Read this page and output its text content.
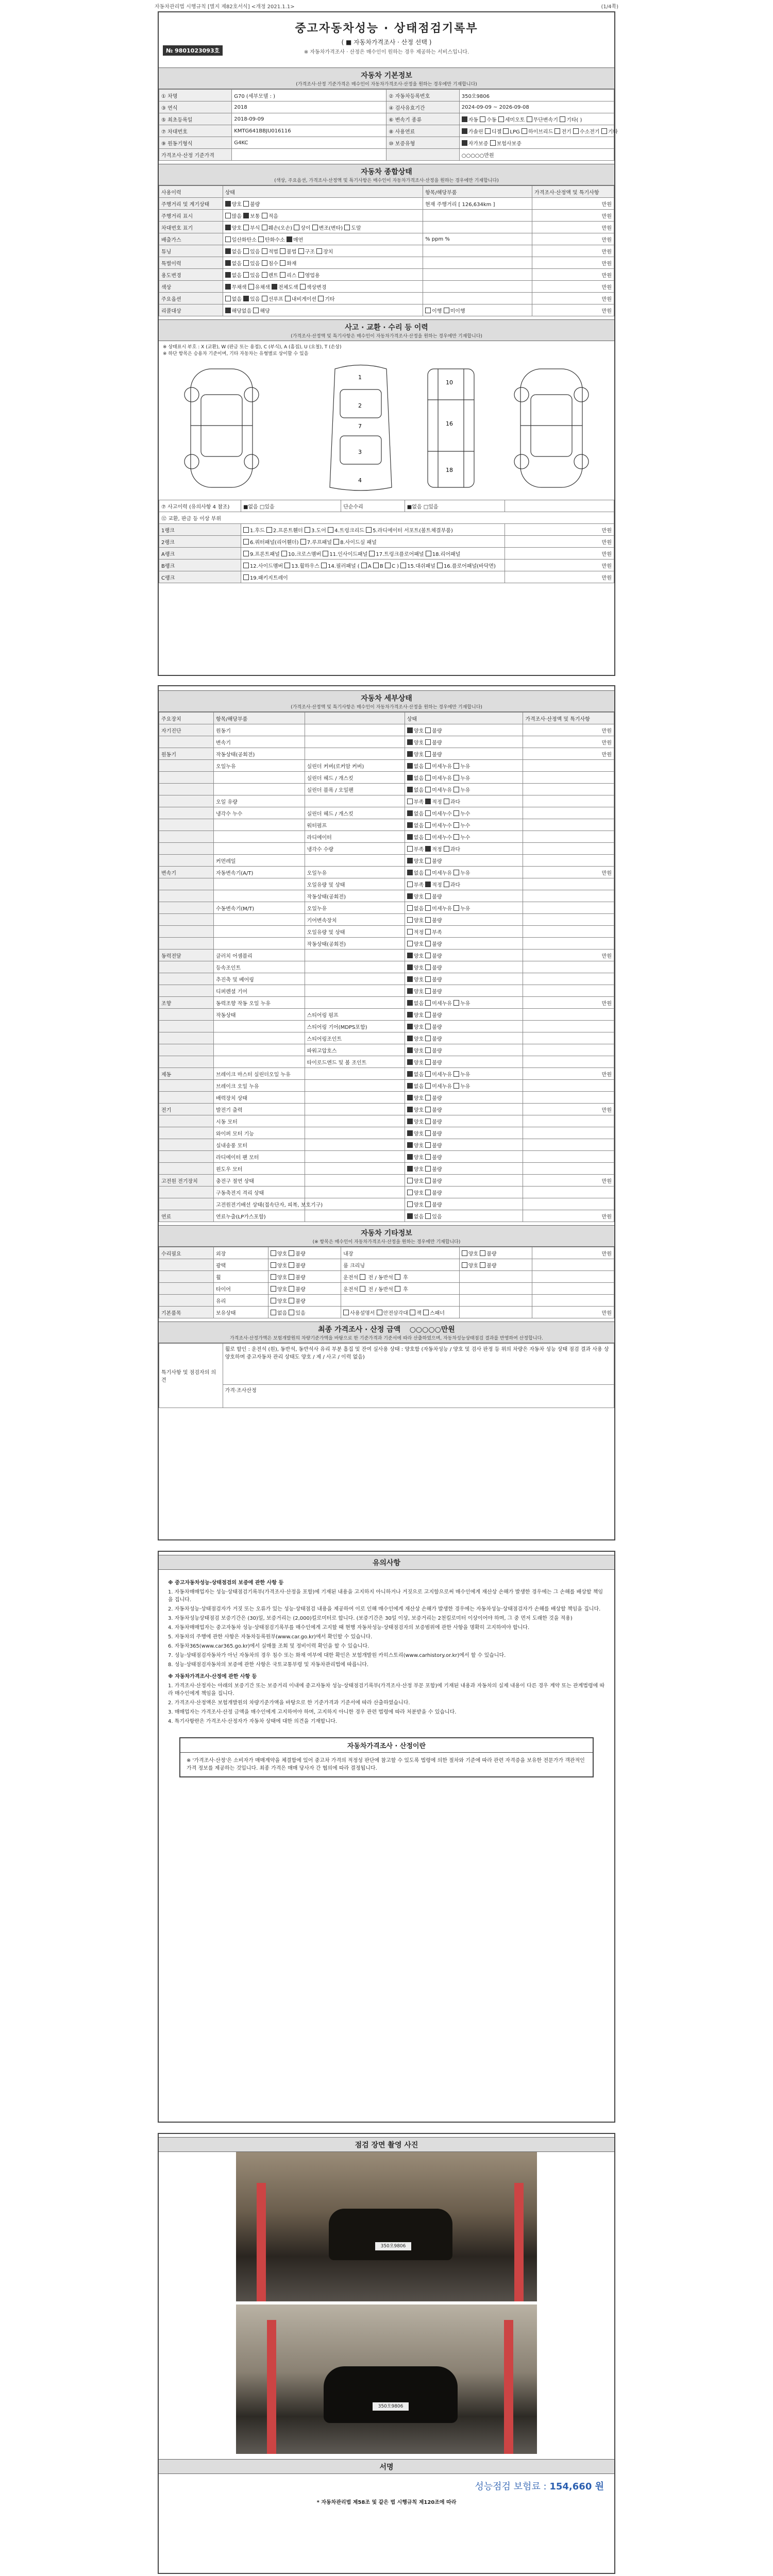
자동차관리법 시행규칙 [별지 제82호서식] <개정 2021.1.1>	(1/4쪽)
중고자동차성능 · 상태점검기록부
( ■ 자동차가격조사 · 산정 선택 )
※ 자동차가격조사 · 산정은 매수인이 원하는 경우 제공하는 서비스입니다.
№ 9801023093호
자동차 기본정보
(가격조사·산정 기준가격은 매수인이 자동차가격조사·산정을 원하는 경우에만 기재합니다)
① 차명	G70 (세부모델 : )	② 자동차등록번호	350오9806
③ 연식	2018	④ 검사유효기간	2024-09-09 ~ 2026-09-08
⑤ 최초등록일	2018-09-09	⑥ 변속기 종류	자동 수동 세미오토 무단변속기 기타( )
⑦ 차대번호	KMTG641BBJU016116	⑧ 사용연료	가솔린 디젤 LPG 하이브리드 전기 수소전기 기타
⑨ 원동기형식	G4KC	⑩ 보증유형	자가보증 보험사보증
가격조사·산정 기준가격			○○○○○만원
자동차 종합상태
(색상, 주요옵션, 가격조사·산정액 및 특기사항은 매수인이 자동차가격조사·산정을 원하는 경우에만 기재합니다)
사용이력	상태	항목/해당부품	가격조사·산정액 및 특기사항
주행거리 및 계기상태	양호 불량	현재 주행거리 [ 126,634km ]	만원
주행거리 표시	많음 보통 적음		만원
차대번호 표기	양호 부식 훼손(오손) 상이 변조(변타) 도말		만원
배출가스	일산화탄소 탄화수소 매연	% ppm %	만원
튜닝	없음 있음 적법 불법 구조 장치		만원
특별이력	없음 있음 침수 화재		만원
용도변경	없음 있음 렌트 리스 영업용		만원
색상	무채색 유채색 전체도색 색상변경		만원
주요옵션	없음 있음 선루프 내비게이션 기타		만원
리콜대상	해당없음 해당	이행 미이행	만원
사고 · 교환 · 수리 등 이력
(가격조사·산정액 및 특기사항은 매수인이 자동차가격조사·산정을 원하는 경우에만 기재합니다)
※ 상태표시 부호 : X (교환), W (판금 또는 용접), C (부식), A (흠집), U (요철), T (손상)
※ 하단 항목은 승용차 기준이며, 기타 자동차는 유형별로 상이할 수 있음
1
2
7
3
4
10
16
18
⑦ 사고이력 (유의사항 4 참조)	■없음 □있음	단순수리	■없음 □있음	
⑫ 교환, 판금 등 이상 부위				
1랭크	1.후드 2.프론트휀더 3.도어 4.트렁크리드 5.라디에이터 서포트(볼트체결부품)			만원
2랭크	6.쿼터패널(리어휀더) 7.루프패널 8.사이드실 패널			만원
A랭크	9.프론트패널 10.크로스멤버 11.인사이드패널 17.트렁크플로어패널 18.리어패널			만원
B랭크	12.사이드멤버 13.휠하우스 14.필러패널 ( A B C ) 15.대쉬패널 16.플로어패널(바닥면)			만원
C랭크	19.패키지트레이			만원
자동차 세부상태
(가격조사·산정액 및 특기사항은 매수인이 자동차가격조사·산정을 원하는 경우에만 기재합니다)
주요장치	항목/해당부품		상태	가격조사·산정액 및 특기사항
자기진단	원동기		양호 불량	만원
	변속기		양호 불량	만원
원동기	작동상태(공회전)		양호 불량	만원
	오일누유	실린더 커버(로커암 커버)	없음 미세누유 누유	
		실린더 헤드 / 개스킷	없음 미세누유 누유	
		실린더 블록 / 오일팬	없음 미세누유 누유	
	오일 유량		부족 적정 과다	
	냉각수 누수	실린더 헤드 / 개스킷	없음 미세누수 누수	
		워터펌프	없음 미세누수 누수	
		라디에이터	없음 미세누수 누수	
		냉각수 수량	부족 적정 과다	
	커먼레일		양호 불량	
변속기	자동변속기(A/T)	오일누유	없음 미세누유 누유	만원
		오일유량 및 상태	부족 적정 과다	
		작동상태(공회전)	양호 불량	
	수동변속기(M/T)	오일누유	없음 미세누유 누유	
		기어변속장치	양호 불량	
		오일유량 및 상태	적정 부족	
		작동상태(공회전)	양호 불량	
동력전달	클러치 어셈블리		양호 불량	만원
	등속조인트		양호 불량	
	추진축 및 베어링		양호 불량	
	디퍼렌셜 기어		양호 불량	
조향	동력조향 작동 오일 누유		없음 미세누유 누유	만원
	작동상태	스티어링 펌프	양호 불량	
		스티어링 기어(MDPS포함)	양호 불량	
		스티어링조인트	양호 불량	
		파워고압호스	양호 불량	
		타이로드엔드 및 볼 조인트	양호 불량	
제동	브레이크 마스터 실린더오일 누유		없음 미세누유 누유	만원
	브레이크 오일 누유		없음 미세누유 누유	
	배력장치 상태		양호 불량	
전기	발전기 출력		양호 불량	만원
	시동 모터		양호 불량	
	와이퍼 모터 기능		양호 불량	
	실내송풍 모터		양호 불량	
	라디에이터 팬 모터		양호 불량	
	윈도우 모터		양호 불량	
고전원 전기장치	충전구 절연 상태		양호 불량	만원
	구동축전지 격리 상태		양호 불량	
	고전원전기배선 상태(접속단자, 피복, 보호기구)		양호 불량	
연료	연료누출(LP가스포함)		없음 있음	만원
자동차 기타정보
(※ 항목은 매수인이 자동차가격조사·산정을 원하는 경우에만 기재합니다)
수리필요	외장	양호 불량	내장	양호 불량	만원
	광택	양호 불량	룸 크리닝	양호 불량	
	휠	양호 불량	운전석  전 / 동반석  후		
	타이어	양호 불량	운전석  전 / 동반석  후		
	유리	양호 불량			
기본품목	보유상태	없음 있음	사용설명서 안전삼각대 잭 스패너		만원
최종 가격조사 · 산정 금액 ○○○○○만원
가격조사·산정가액은 보험개발원의 차량기준가액을 바탕으로 한 기준가격과 기준서에 따라 산출하였으며, 자동차성능상태점검 결과를 반영하여 산정합니다.
특기사항 및 점검자의 의견	휠로 할인 : 운전석 (원), 동반석, 동반석사 유리 부분 흠집 및 잔여 실사용 상태 : 양호함 (자동차성능 / 양호 및 검사 판정 등 위의 차량은 자동차 성능 상태 점검 결과 사용 상 양호하며 중고자동차 관리 상태도 양호 / 제 / 사고 / 이력 없음)
가격·조사산정
유의사항

※ 중고자동차성능·상태점검의 보증에 관한 사항 등

1. 자동차매매업자는 성능·상태점검기록부(가격조사·산정을 포함)에 기재된 내용을 고지하지 아니하거나 거짓으로 고지함으로써 매수인에게 재산상 손해가 발생한 경우에는 그 손해를 배상할 책임을 집니다.

2. 자동차성능·상태점검자가 거짓 또는 오류가 있는 성능·상태점검 내용을 제공하여 이로 인해 매수인에게 재산상 손해가 발생한 경우에는 자동차성능·상태점검자가 손해를 배상할 책임을 집니다.

3. 자동차성능상태점검 보증기간은 (30)일, 보증거리는 (2,000)킬로미터로 합니다. (보증기간은 30일 이상, 보증거리는 2천킬로미터 이상이어야 하며, 그 중 먼저 도래한 것을 적용)

4. 자동차매매업자는 중고자동차 성능·상태점검기록부를 매수인에게 고지할 때 현행 자동차성능·상태점검자의 보증범위에 관한 사항을 명확히 고지하여야 합니다.

5. 자동차의 주행에 관한 사항은 자동차등록원부(www.car.go.kr)에서 확인할 수 있습니다.

6. 자동차365(www.car365.go.kr)에서 실매물 조회 및 정비이력 확인을 할 수 있습니다.

7. 성능·상태점검자동차가 아닌 자동차의 경우 침수 또는 화재 여부에 대한 확인은 보험개발원 카히스토리(www.carhistory.or.kr)에서 할 수 있습니다.

8. 성능·상태점검자동차의 보증에 관한 사항은 국토교통부령 및 자동차관리법에 따릅니다.

※ 자동차가격조사·산정에 관한 사항 등

1. 가격조사·산정자는 아래의 보증기간 또는 보증거리 이내에 중고자동차 성능·상태점검기록부(가격조사·산정 부문 포함)에 기재된 내용과 자동차의 실제 내용이 다른 경우 계약 또는 관계법령에 따라 매수인에게 책임을 집니다.

2. 가격조사·산정액은 보험개발원의 차량기준가액을 바탕으로 한 기준가격과 기준서에 따라 산출하였습니다.

3. 매매업자는 가격조사·산정 금액을 매수인에게 고지하여야 하며, 고지하지 아니한 경우 관련 법령에 따라 처분받을 수 있습니다.

4. 특기사항란은 가격조사·산정자가 자동차 상태에 대한 의견을 기재합니다.

자동차가격조사 · 산정이란
※ '가격조사·산정'은 소비자가 매매계약을 체결함에 있어 중고차 가격의 적정성 판단에 참고할 수 있도록 법령에 의한 절차와 기준에 따라 관련 자격증을 보유한 전문가가 객관적인 가격 정보를 제공하는 것입니다. 최종 가격은 매매 당사자 간 협의에 따라 결정됩니다.
점검 장면 촬영 사진
350오9806
350오9806
서명
성능점검 보험료 : 154,660 원
* 자동차관리법 제58조 및 같은 법 시행규칙 제120조에 따라
